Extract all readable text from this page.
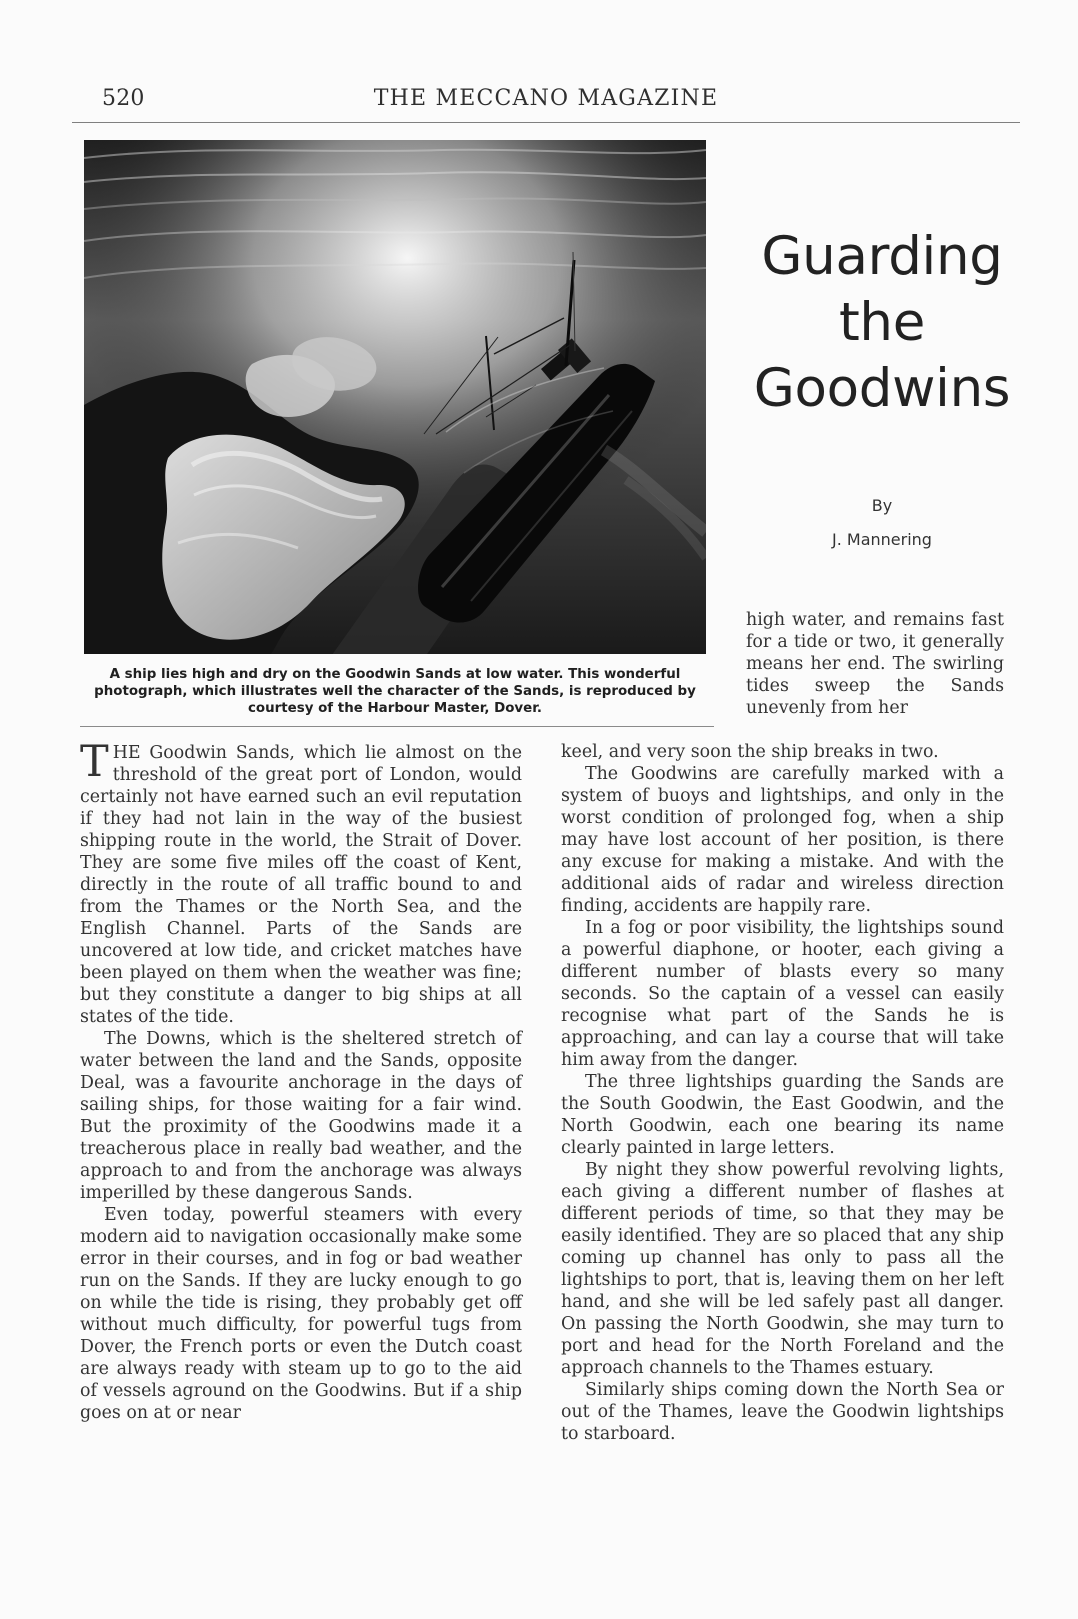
520	THE MECCANO MAGAZINE
A ship lies high and dry on the Goodwin Sands at low water. This wonderful photograph, which illustrates well the character of the Sands, is reproduced by courtesy of the Harbour Master, Dover.
Guarding
the
Goodwins
By
J. Mannering

THE Goodwin Sands, which lie almost on the threshold of the great port of London, would certainly not have earned such an evil reputation if they had not lain in the way of the busiest shipping route in the world, the Strait of Dover. They are some five miles off the coast of Kent, directly in the route of all traffic bound to and from the Thames or the North Sea, and the English Channel. Parts of the Sands are uncovered at low tide, and cricket matches have been played on them when the weather was fine; but they constitute a danger to big ships at all states of the tide.

The Downs, which is the sheltered stretch of water between the land and the Sands, opposite Deal, was a favourite anchorage in the days of sailing ships, for those waiting for a fair wind. But the proximity of the Goodwins made it a treacherous place in really bad weather, and the approach to and from the anchorage was always imperilled by these dangerous Sands.

Even today, powerful steamers with every modern aid to navigation occasionally make some error in their courses, and in fog or bad weather run on the Sands. If they are lucky enough to go on while the tide is rising, they probably get off without much difficulty, for powerful tugs from Dover, the French ports or even the Dutch coast are always ready with steam up to go to the aid of vessels aground on the Goodwins. But if a ship goes on at or near

high water, and remains fast for a tide or two, it generally means her end. The swirling tides sweep the Sands unevenly from her

keel, and very soon the ship breaks in two.

The Goodwins are carefully marked with a system of buoys and lightships, and only in the worst condition of prolonged fog, when a ship may have lost account of her position, is there any excuse for making a mistake. And with the additional aids of radar and wireless direction finding, accidents are happily rare.

In a fog or poor visibility, the lightships sound a powerful diaphone, or hooter, each giving a different number of blasts every so many seconds. So the captain of a vessel can easily recognise what part of the Sands he is approaching, and can lay a course that will take him away from the danger.

The three lightships guarding the Sands are the South Goodwin, the East Goodwin, and the North Goodwin, each one bearing its name clearly painted in large letters.

By night they show powerful revolving lights, each giving a different number of flashes at different periods of time, so that they may be easily identified. They are so placed that any ship coming up channel has only to pass all the lightships to port, that is, leaving them on her left hand, and she will be led safely past all danger. On passing the North Goodwin, she may turn to port and head for the North Foreland and the approach channels to the Thames estuary.

Similarly ships coming down the North Sea or out of the Thames, leave the Goodwin lightships to starboard.
